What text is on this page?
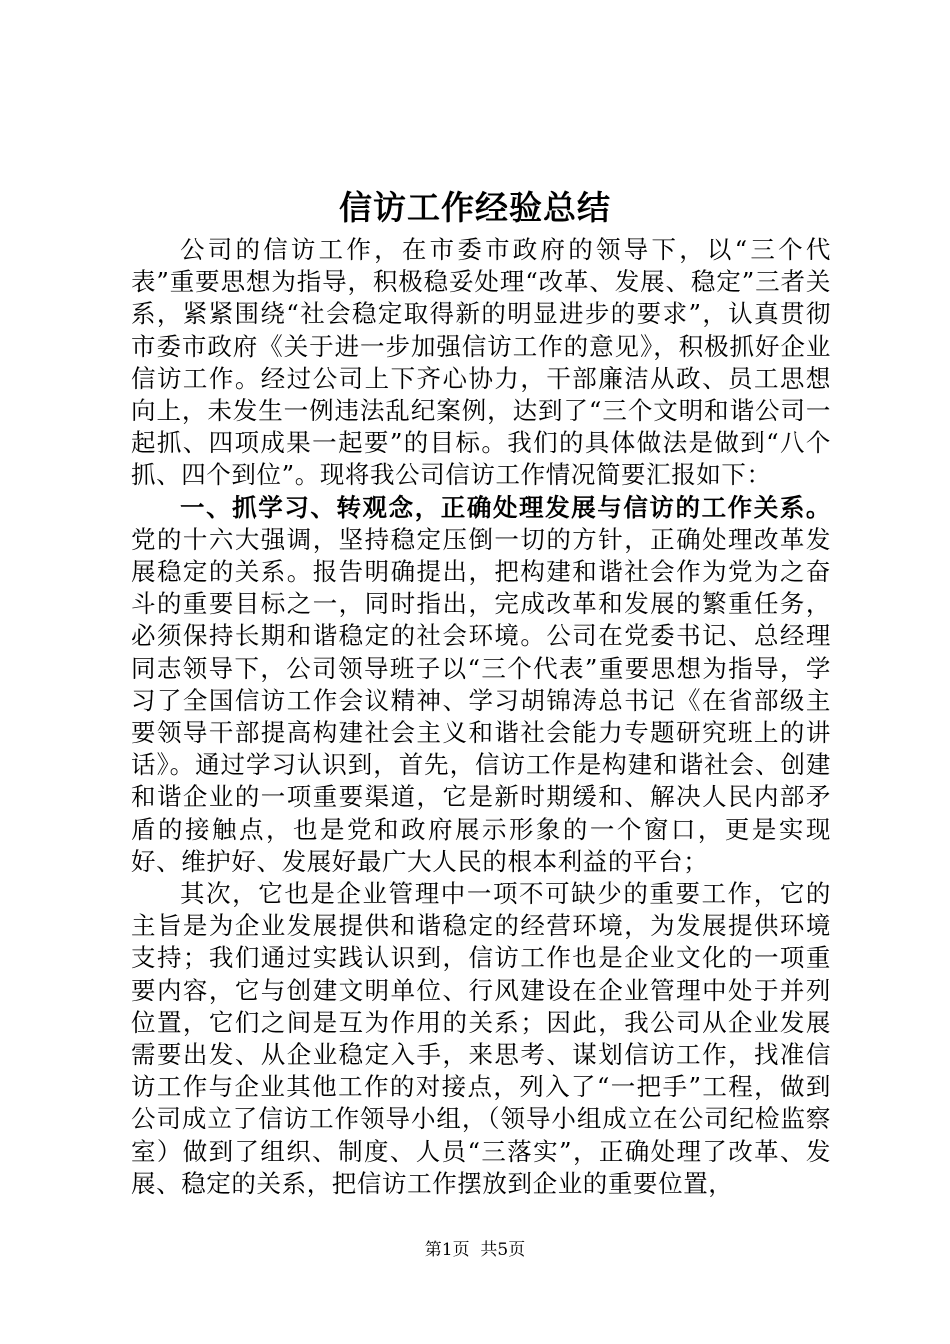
信访工作经验总结

公司的信访工作，在市委市政府的领导下，以“三个代表”重要思想为指导，积极稳妥处理“改革、发展、稳定”三者关系，紧紧围绕“社会稳定取得新的明显进步的要求”，认真贯彻市委市政府《关于进一步加强信访工作的意见》，积极抓好企业信访工作。经过公司上下齐心协力，干部廉洁从政、员工思想向上，未发生一例违法乱纪案例，达到了“三个文明和谐公司一起抓、四项成果一起要”的目标。我们的具体做法是做到“八个抓、四个到位”。现将我公司信访工作情况简要汇报如下：

一、抓学习、转观念，正确处理发展与信访的工作关系。党的十六大强调，坚持稳定压倒一切的方针，正确处理改革发展稳定的关系。报告明确提出，把构建和谐社会作为党为之奋斗的重要目标之一，同时指出，完成改革和发展的繁重任务，必须保持长期和谐稳定的社会环境。公司在党委书记、总经理同志领导下，公司领导班子以“三个代表”重要思想为指导，学习了全国信访工作会议精神、学习胡锦涛总书记《在省部级主要领导干部提高构建社会主义和谐社会能力专题研究班上的讲话》。通过学习认识到，首先，信访工作是构建和谐社会、创建和谐企业的一项重要渠道，它是新时期缓和、解决人民内部矛盾的接触点，也是党和政府展示形象的一个窗口，更是实现好、维护好、发展好最广大人民的根本利益的平台；

其次，它也是企业管理中一项不可缺少的重要工作，它的主旨是为企业发展提供和谐稳定的经营环境，为发展提供环境支持；我们通过实践认识到，信访工作也是企业文化的一项重要内容，它与创建文明单位、行风建设在企业管理中处于并列位置，它们之间是互为作用的关系；因此，我公司从企业发展需要出发、从企业稳定入手，来思考、谋划信访工作，找准信访工作与企业其他工作的对接点，列入了“一把手”工程，做到公司成立了信访工作领导小组，（领导小组成立在公司纪检监察室）做到了组织、制度、人员“三落实”，正确处理了改革、发展、稳定的关系，把信访工作摆放到企业的重要位置，

第1页  共5页
